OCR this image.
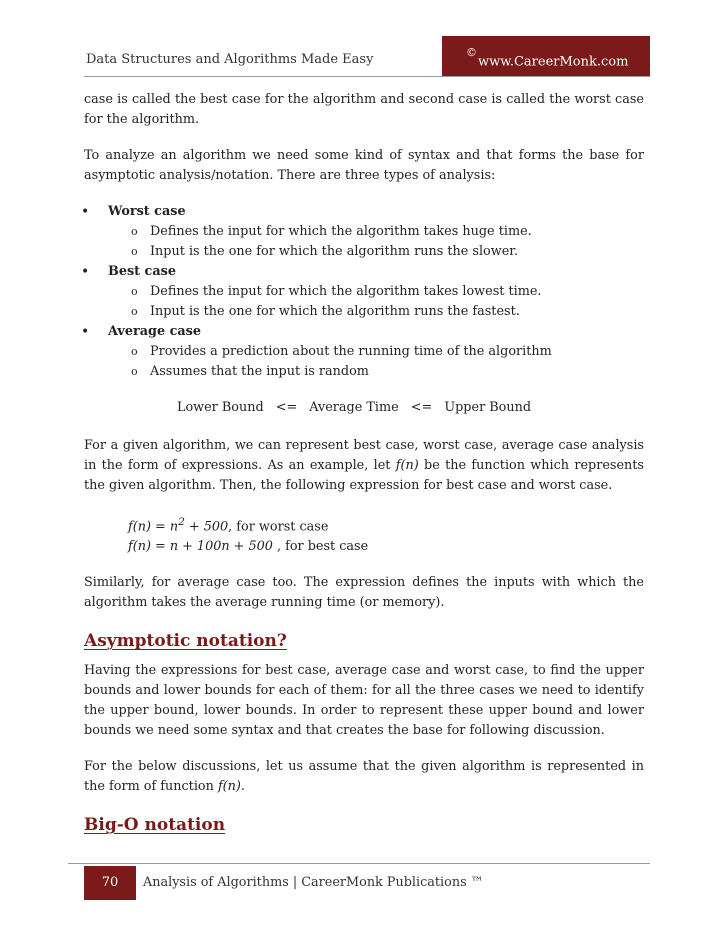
Data Structures and Algorithms Made Easy	©www.CareerMonk.com

case is called the best case for the algorithm and second case is called the worst case for the algorithm.

To analyze an algorithm we need some kind of syntax and that forms the base for asymptotic analysis/notation. There are three types of analysis:

• Worst case
o Defines the input for which the algorithm takes huge time.
o Input is the one for which the algorithm runs the slower.
• Best case
o Defines the input for which the algorithm takes lowest time.
o Input is the one for which the algorithm runs the fastest.
• Average case
o Provides a prediction about the running time of the algorithm
o Assumes that the input is random
Lower Bound <= Average Time <= Upper Bound

For a given algorithm, we can represent best case, worst case, average case analysis in the form of expressions. As an example, let f(n) be the function which represents the given algorithm. Then, the following expression for best case and worst case.

$f(n) = n^2 + 500$, for worst case
f(n) = n + 100n + 500 , for best case

Similarly, for average case too. The expression defines the inputs with which the algorithm takes the average running time (or memory).

Asymptotic notation?

Having the expressions for best case, average case and worst case, to find the upper bounds and lower bounds for each of them: for all the three cases we need to identify the upper bound, lower bounds. In order to represent these upper bound and lower bounds we need some syntax and that creates the base for following discussion.

For the below discussions, let us assume that the given algorithm is represented in the form of function f(n).

Big-O notation
70	Analysis of Algorithms | CareerMonk Publications ™
